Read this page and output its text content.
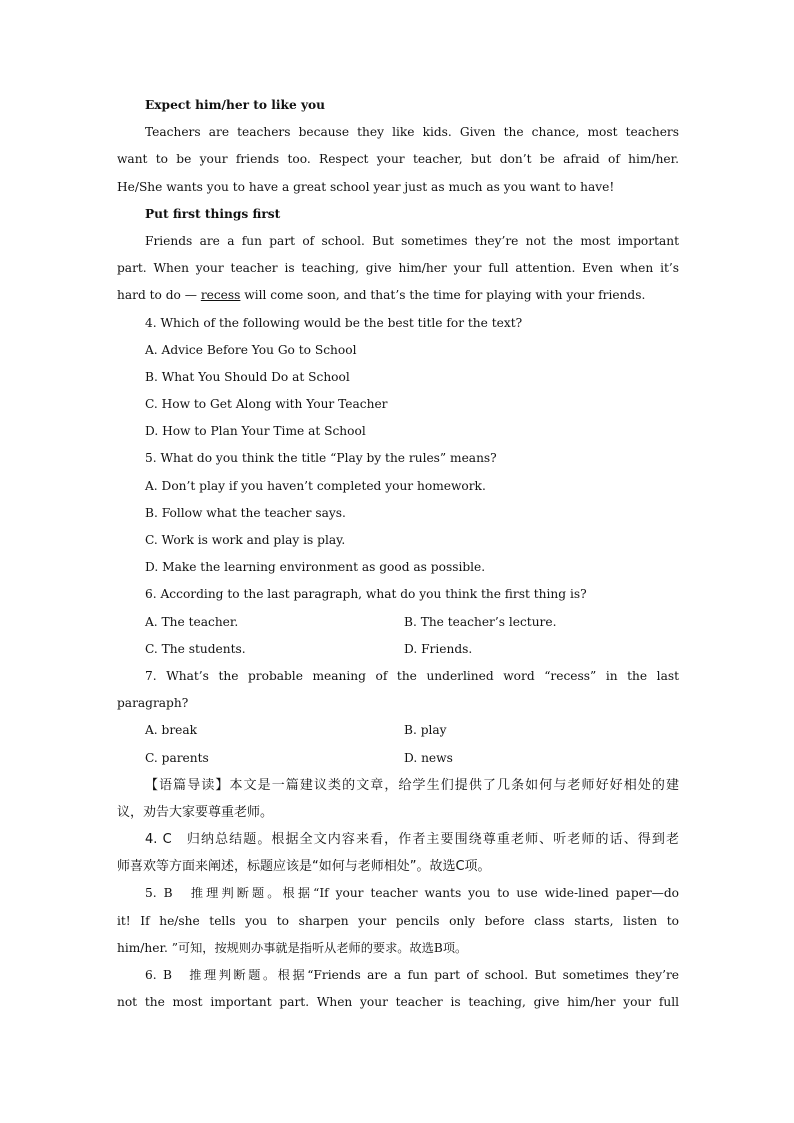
Expect him/her to like you
Teachers are teachers because they like kids. Given the chance, most teachers
want to be your friends too. Respect your teacher, but don’t be afraid of him/her.
He/She wants you to have a great school year just as much as you want to have!
Put first things first
Friends are a fun part of school. But sometimes they’re not the most important
part. When your teacher is teaching, give him/her your full attention. Even when it’s
hard to do — recess will come soon, and that’s the time for playing with your friends.
4. Which of the following would be the best title for the text?
A. Advice Before You Go to School
B. What You Should Do at School
C. How to Get Along with Your Teacher
D. How to Plan Your Time at School
5. What do you think the title “Play by the rules” means?
A. Don’t play if you haven’t completed your homework.
B. Follow what the teacher says.
C. Work is work and play is play.
D. Make the learning environment as good as possible.
6. According to the last paragraph, what do you think the first thing is?
A. The teacher.	B. The teacher’s lecture.
C. The students.	D. Friends.
7. What’s the probable meaning of the underlined word “recess” in the last
paragraph?
A. break	B. play
C. parents	D. news
【语篇导读】本文是一篇建议类的文章，给学生们提供了几条如何与老师好好相处的建
议，劝告大家要尊重老师。
4. C　归纳总结题。根据全文内容来看，作者主要围绕尊重老师、听老师的话、得到老
师喜欢等方面来阐述，标题应该是“如何与老师相处”。故选C项。
5. B　推理判断题。根据“If your teacher wants you to use wide-lined paper—do
it! If he/she tells you to sharpen your pencils only before class starts, listen to
him/her. ”可知，按规则办事就是指听从老师的要求。故选B项。
6. B　推理判断题。根据“Friends are a fun part of school. But sometimes they’re
not the most important part. When your teacher is teaching, give him/her your full
